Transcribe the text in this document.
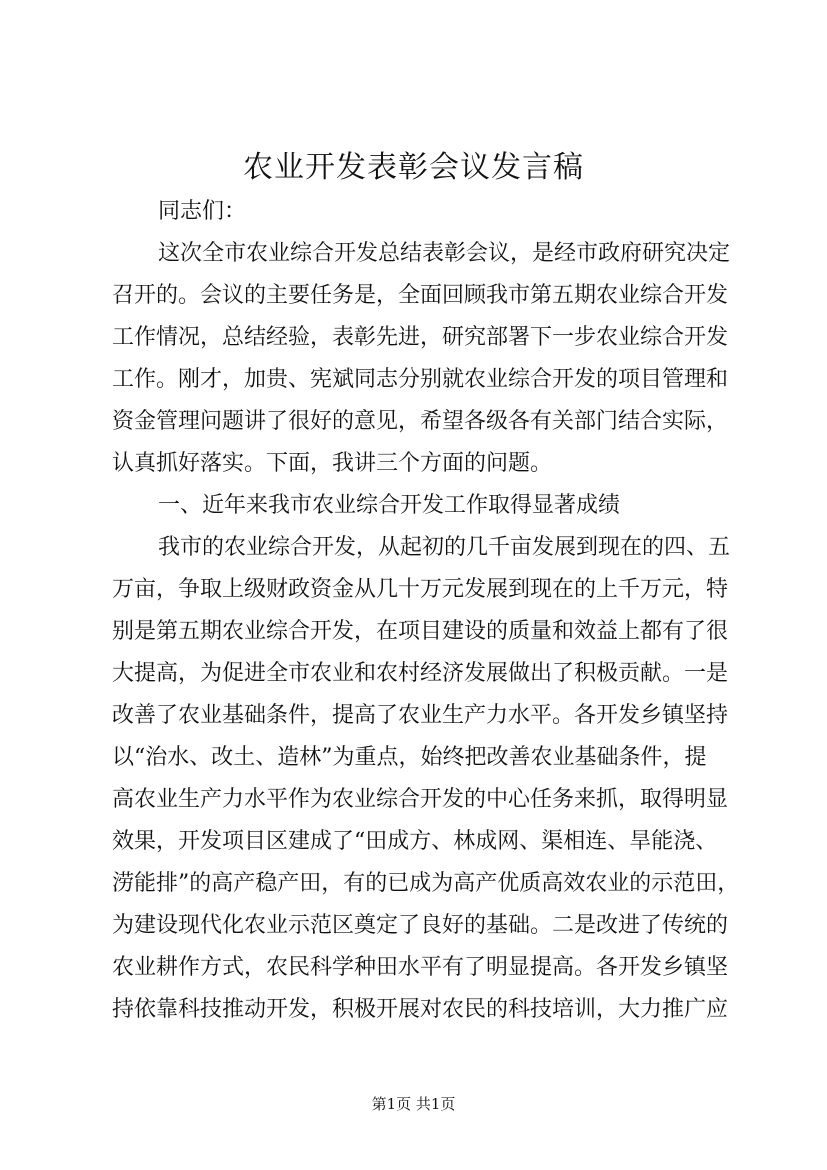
农业开发表彰会议发言稿
同志们：
这次全市农业综合开发总结表彰会议，是经市政府研究决定
召开的。会议的主要任务是，全面回顾我市第五期农业综合开发
工作情况，总结经验，表彰先进，研究部署下一步农业综合开发
工作。刚才，加贵、宪斌同志分别就农业综合开发的项目管理和
资金管理问题讲了很好的意见，希望各级各有关部门结合实际，
认真抓好落实。下面，我讲三个方面的问题。
一、近年来我市农业综合开发工作取得显著成绩
我市的农业综合开发，从起初的几千亩发展到现在的四、五
万亩，争取上级财政资金从几十万元发展到现在的上千万元，特
别是第五期农业综合开发，在项目建设的质量和效益上都有了很
大提高，为促进全市农业和农村经济发展做出了积极贡献。一是
改善了农业基础条件，提高了农业生产力水平。各开发乡镇坚持
以“治水、改土、造林”为重点，始终把改善农业基础条件，提
高农业生产力水平作为农业综合开发的中心任务来抓，取得明显
效果，开发项目区建成了“田成方、林成网、渠相连、旱能浇、
涝能排”的高产稳产田，有的已成为高产优质高效农业的示范田，
为建设现代化农业示范区奠定了良好的基础。二是改进了传统的
农业耕作方式，农民科学种田水平有了明显提高。各开发乡镇坚
持依靠科技推动开发，积极开展对农民的科技培训，大力推广应
第1页 共1页
